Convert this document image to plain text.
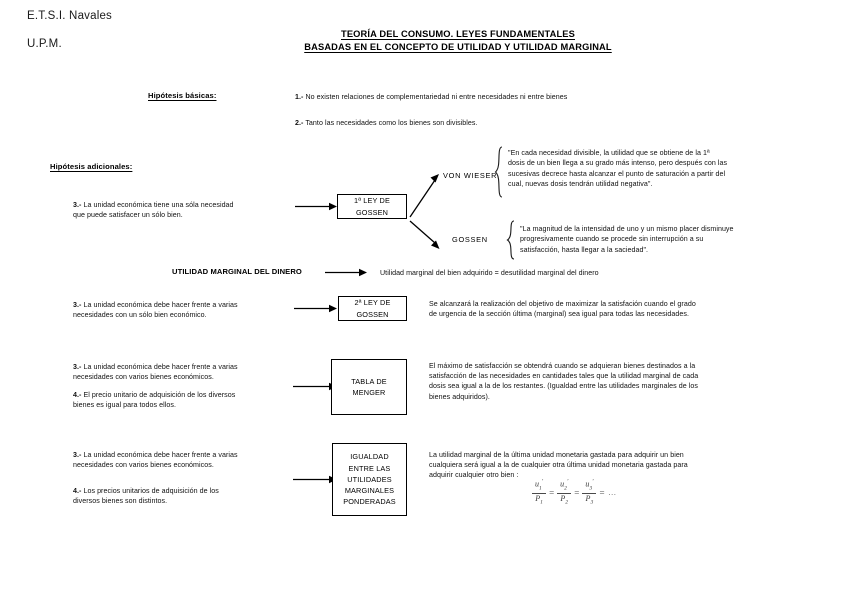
E.T.S.I. Navales
U.P.M.
TEORÍA DEL CONSUMO. LEYES FUNDAMENTALES
BASADAS EN EL CONCEPTO DE UTILIDAD Y UTILIDAD MARGINAL
Hipótesis básicas:	1.- No existen relaciones de complementariedad ni entre necesidades ni entre bienes
2.- Tanto las necesidades como los bienes son divisibles.
Hipótesis adicionales:
3.- La unidad económica tiene una sóla necesidad
que puede satisfacer un sólo bien.
1ª LEY DE
GOSSEN
VON WIESER
"En cada necesidad divisible, la utilidad que se obtiene de la 1ª
dosis de un bien llega a su grado más intenso, pero después con las
sucesivas decrece hasta alcanzar el punto de saturación a partir del
cual, nuevas dosis tendrán utilidad negativa".
GOSSEN
"La magnitud de la intensidad de uno y un mismo placer disminuye
progresivamente cuando se procede sin interrupción a su
satisfacción, hasta llegar a la saciedad".
UTILIDAD MARGINAL DEL DINERO	Utilidad marginal del bien adquirido = desutilidad marginal del dinero
3.- La unidad económica debe hacer frente a varias
necesidades con un sólo bien económico.
2ª LEY DE
GOSSEN
Se alcanzará la realización del objetivo de maximizar la satisfación cuando el grado
de urgencia de la sección última (marginal) sea igual para todas las necesidades.
3.- La unidad económica debe hacer frente a varias
necesidades con varios bienes económicos.
4.- El precio unitario de adquisición de los diversos
bienes es igual para todos ellos.
TABLA DE
MENGER
El máximo de satisfacción se obtendrá cuando se adquieran bienes destinados a la
satisfacción de las necesidades en cantidades tales que la utilidad marginal de cada
dosis sea igual a la de los restantes. (Igualdad entre las utilidades marginales de los
bienes adquiridos).
3.- La unidad económica debe hacer frente a varias
necesidades con varios bienes económicos.
4.- Los precios unitarios de adquisición de los
diversos bienes son distintos.
IGUALDAD
ENTRE LAS
UTILIDADES
MARGINALES
PONDERADAS
La utilidad marginal de la última unidad monetaria gastada para adquirir un bien
cualquiera será igual a la de cualquier otra última unidad monetaria gastada para
adquirir cualquier otro bien :
$\frac{u_1'}{P_1} = \frac{u_2'}{P_2} = \frac{u_3'}{P_3}$ = ...
